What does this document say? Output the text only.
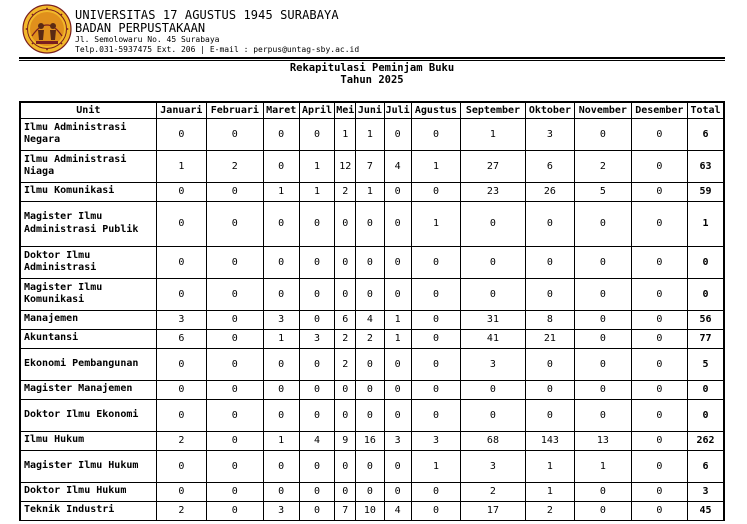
UNIVERSITAS 17 AGUSTUS 1945 SURABAYA
BADAN PERPUSTAKAAN
Jl. Semolowaru No. 45 Surabaya
Telp.031-5937475 Ext. 206 | E-mail : perpus@untag-sby.ac.id
Rekapitulasi Peminjam Buku
Tahun 2025
Unit	Januari	Februari	Maret	April	Mei	Juni	Juli	Agustus	September	Oktober	November	Desember	Total
Ilmu Administrasi Negara	0	0	0	0	1	1	0	0	1	3	0	0	6
Ilmu Administrasi Niaga	1	2	0	1	12	7	4	1	27	6	2	0	63
Ilmu Komunikasi	0	0	1	1	2	1	0	0	23	26	5	0	59
Magister Ilmu Administrasi Publik	0	0	0	0	0	0	0	1	0	0	0	0	1
Doktor Ilmu Administrasi	0	0	0	0	0	0	0	0	0	0	0	0	0
Magister Ilmu Komunikasi	0	0	0	0	0	0	0	0	0	0	0	0	0
Manajemen	3	0	3	0	6	4	1	0	31	8	0	0	56
Akuntansi	6	0	1	3	2	2	1	0	41	21	0	0	77
Ekonomi Pembangunan	0	0	0	0	2	0	0	0	3	0	0	0	5
Magister Manajemen	0	0	0	0	0	0	0	0	0	0	0	0	0
Doktor Ilmu Ekonomi	0	0	0	0	0	0	0	0	0	0	0	0	0
Ilmu Hukum	2	0	1	4	9	16	3	3	68	143	13	0	262
Magister Ilmu Hukum	0	0	0	0	0	0	0	1	3	1	1	0	6
Doktor Ilmu Hukum	0	0	0	0	0	0	0	0	2	1	0	0	3
Teknik Industri	2	0	3	0	7	10	4	0	17	2	0	0	45
